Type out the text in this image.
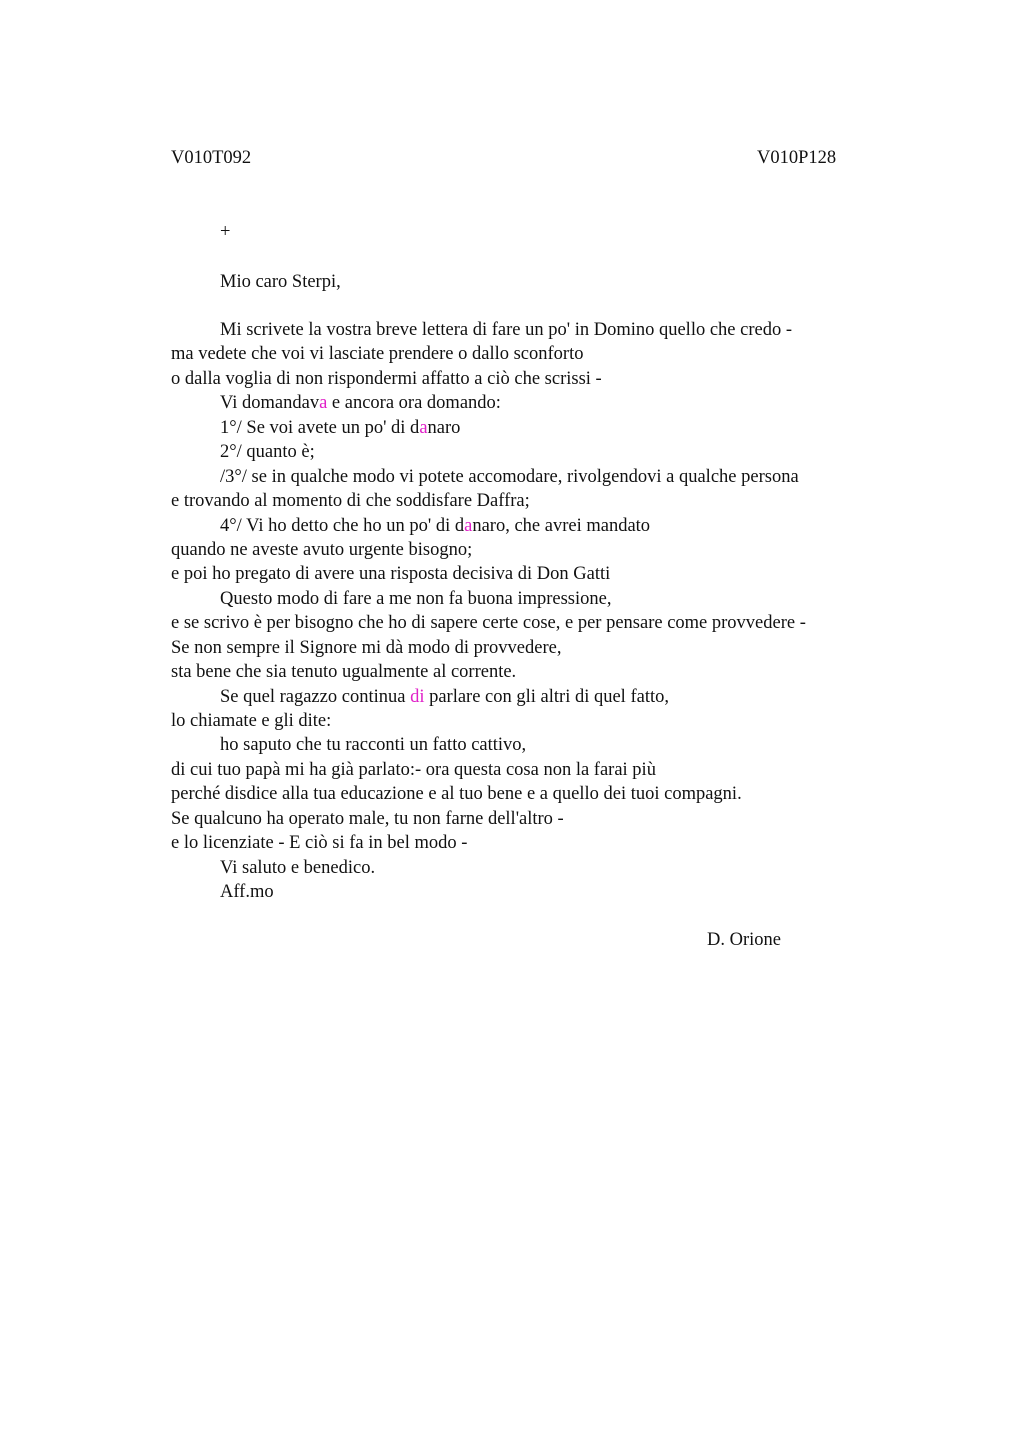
V010T092	V010P128
+
Mio caro Sterpi,
Mi scrivete la vostra breve lettera di fare un po' in Domino quello che credo -
ma vedete che voi vi lasciate prendere o dallo sconforto
o dalla voglia di non rispondermi affatto a ciò che scrissi -
Vi domandava e ancora ora domando:
1°/ Se voi avete un po' di danaro
2°/ quanto è;
/3°/ se in qualche modo vi potete accomodare, rivolgendovi a qualche persona
e trovando al momento di che soddisfare Daffra;
4°/ Vi ho detto che ho un po' di danaro, che avrei mandato
quando ne aveste avuto urgente bisogno;
e poi ho pregato di avere una risposta decisiva di Don Gatti
Questo modo di fare a me non fa buona impressione,
e se scrivo è per bisogno che ho di sapere certe cose, e per pensare come provvedere -
Se non sempre il Signore mi dà modo di provvedere,
sta bene che sia tenuto ugualmente al corrente.
Se quel ragazzo continua di parlare con gli altri di quel fatto,
lo chiamate e gli dite:
ho saputo che tu racconti un fatto cattivo,
di cui tuo papà mi ha già parlato:- ora questa cosa non la farai più
perché disdice alla tua educazione e al tuo bene e a quello dei tuoi compagni.
Se qualcuno ha operato male, tu non farne dell'altro -
e lo licenziate - E ciò si fa in bel modo -
Vi saluto e benedico.
Aff.mo
D. Orione
